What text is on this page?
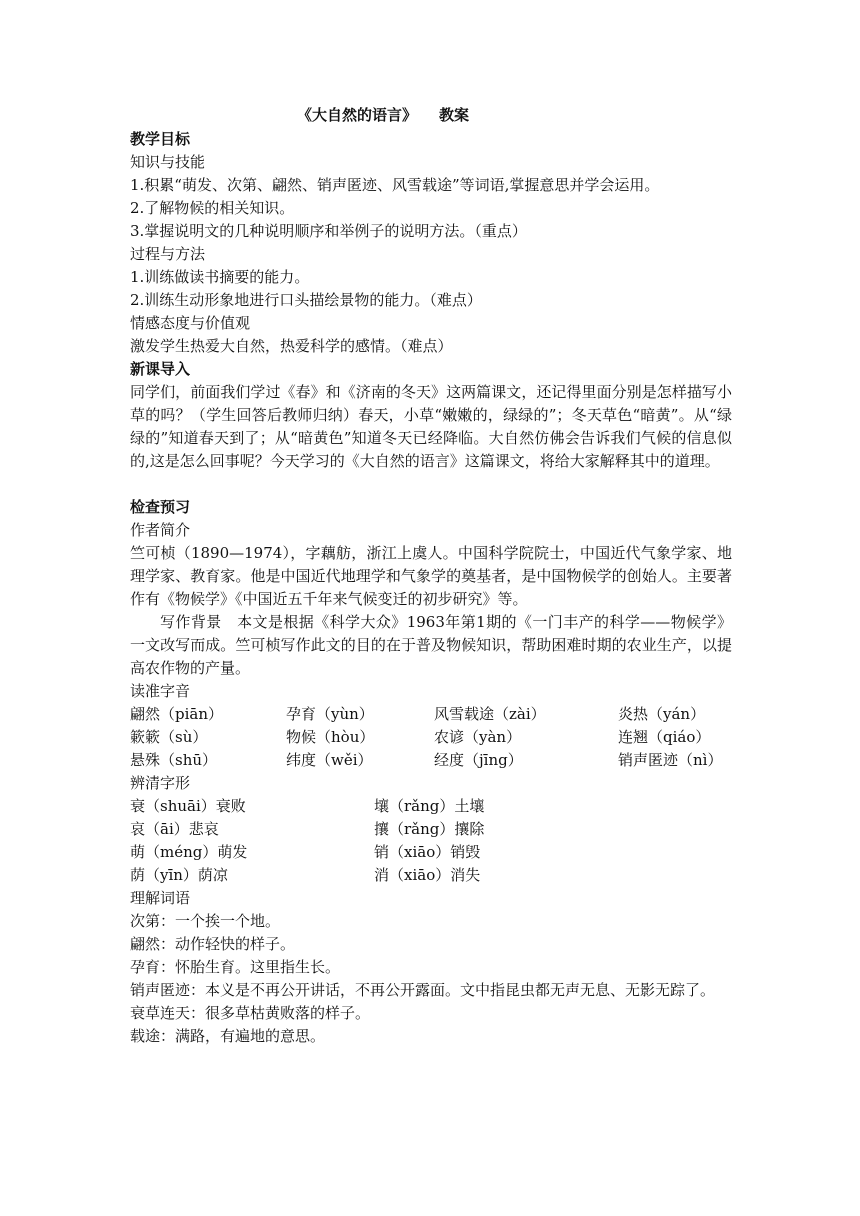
《大自然的语言》 教案

教学目标

知识与技能

1.积累“萌发、次第、翩然、销声匿迹、风雪载途”等词语,掌握意思并学会运用。

2.了解物候的相关知识。

3.掌握说明文的几种说明顺序和举例子的说明方法。（重点）

过程与方法

1.训练做读书摘要的能力。

2.训练生动形象地进行口头描绘景物的能力。（难点）

情感态度与价值观

激发学生热爱大自然，热爱科学的感情。（难点）

新课导入

同学们，前面我们学过《春》和《济南的冬天》这两篇课文，还记得里面分别是怎样描写小草的吗？（学生回答后教师归纳）春天，小草“嫩嫩的，绿绿的”；冬天草色“暗黄”。从“绿绿的”知道春天到了；从“暗黄色”知道冬天已经降临。大自然仿佛会告诉我们气候的信息似的,这是怎么回事呢？今天学习的《大自然的语言》这篇课文，将给大家解释其中的道理。

检查预习

作者简介

竺可桢（1890—1974），字藕舫，浙江上虞人。中国科学院院士，中国近代气象学家、地理学家、教育家。他是中国近代地理学和气象学的奠基者，是中国物候学的创始人。主要著作有《物候学》《中国近五千年来气候变迁的初步研究》等。

写作背景　本文是根据《科学大众》1963年第1期的《一门丰产的科学——物候学》一文改写而成。竺可桢写作此文的目的在于普及物候知识，帮助困难时期的农业生产，以提高农作物的产量。

读准字音

翩然（piān）	孕育（yùn）	风雪载途（zài）	炎热（yán）
簌簌（sù）	物候（hòu）	农谚（yàn）	连翘（qiáo）
悬殊（shū）	纬度（wěi）	经度（jīng）	销声匿迹（nì）

辨清字形

衰（shuāi）衰败	壤（rǎng）土壤
哀（āi）悲哀	攘（rǎng）攘除
萌（méng）萌发	销（xiāo）销毁
荫（yīn）荫凉	消（xiāo）消失

理解词语

次第：一个挨一个地。

翩然：动作轻快的样子。

孕育：怀胎生育。这里指生长。

销声匿迹：本义是不再公开讲话，不再公开露面。文中指昆虫都无声无息、无影无踪了。

衰草连天：很多草枯黄败落的样子。

载途：满路，有遍地的意思。
